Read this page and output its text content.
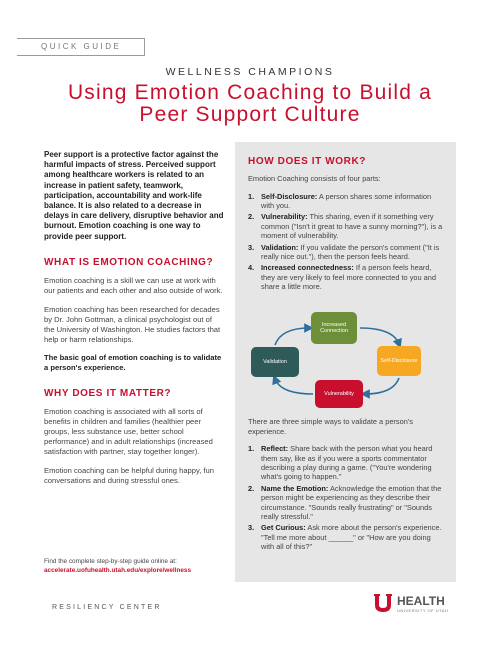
QUICK GUIDE
WELLNESS CHAMPIONS
Using Emotion Coaching to Build a
Peer Support Culture

Peer support is a protective factor against the harmful impacts of stress. Perceived support among healthcare workers is related to an increase in patient safety, teamwork, participation, accountability and work-life balance. It is also related to a decrease in delays in care delivery, disruptive behavior and burnout. Emotion coaching is one way to provide peer support.

WHAT IS EMOTION COACHING?

Emotion coaching is a skill we can use at work with our patients and each other and also outside of work.

Emotion coaching has been researched for decades by Dr. John Gottman, a clinical psychologist out of the University of Washington. He studies factors that help or harm relationships.

The basic goal of emotion coaching is to validate a person's experience.

WHY DOES IT MATTER?

Emotion coaching is associated with all sorts of benefits in children and families (healthier peer groups, less substance use, better school performance) and in adult relationships (increased satisfaction with partner, stay together longer).

Emotion coaching can be helpful during happy, fun conversations and during stressful ones.

Find the complete step-by-step guide online at:
accelerate.uofuhealth.utah.edu/explore/wellness
HOW DOES IT WORK?

Emotion Coaching consists of four parts:

1. Self-Disclosure: A person shares some information with you.
2. Vulnerability: This sharing, even if it something very common ("Isn't it great to have a sunny morning?"), is a moment of vulnerability.
3. Validation: If you validate the person's comment ("It is really nice out."), then the person feels heard.
4. Increased connectedness: If a person feels heard, they are very likely to feel more connected to you and share a little more.
Increased Connection
Self-Disclosure
Vulnerability
Validation

There are three simple ways to validate a person's experience.

1. Reflect: Share back with the person what you heard them say, like as if you were a sports commentator describing a play during a game. ("You're wondering what's going to happen."
2. Name the Emotion: Acknowledge the emotion that the person might be experiencing as they describe their circumstance. "Sounds really frustrating" or "Sounds really stressful."
3. Get Curious: Ask more about the person's experience. "Tell me more about ______" or "How are you doing with all of this?"
RESILIENCY CENTER	HEALTH
UNIVERSITY OF UTAH
